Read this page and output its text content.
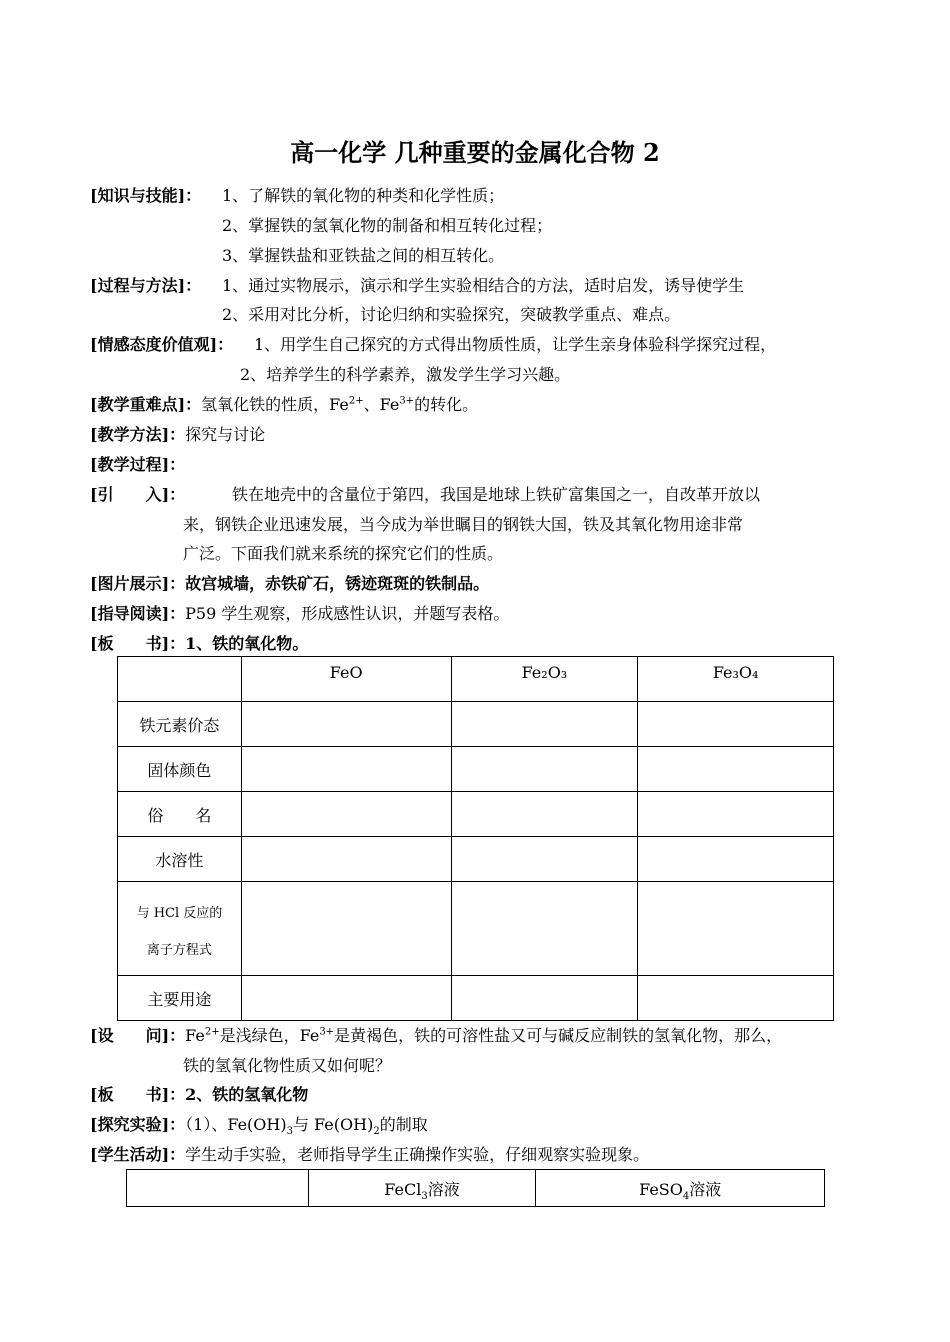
高一化学 几种重要的金属化合物 2
[知识与技能]： 1、了解铁的氧化物的种类和化学性质；
2、掌握铁的氢氧化物的制备和相互转化过程；
3、掌握铁盐和亚铁盐之间的相互转化。
[过程与方法]： 1、通过实物展示，演示和学生实验相结合的方法，适时启发，诱导使学生
2、采用对比分析，讨论归纳和实验探究，突破教学重点、难点。
[情感态度价值观]： 1、用学生自己探究的方式得出物质性质，让学生亲身体验科学探究过程，
2、培养学生的科学素养，激发学生学习兴趣。
[教学重难点]：氢氧化铁的性质，$Fe^{2+}$、$Fe^{3+}$的转化。
[教学方法]：探究与讨论
[教学过程]：
[引　　入]：	铁在地壳中的含量位于第四，我国是地球上铁矿富集国之一，自改革开放以
来，钢铁企业迅速发展，当今成为举世瞩目的钢铁大国，铁及其氧化物用途非常
广泛。下面我们就来系统的探究它们的性质。
[图片展示]：故宫城墙，赤铁矿石，锈迹斑斑的铁制品。
[指导阅读]：P59 学生观察，形成感性认识，并题写表格。
[板　　书]：1、铁的氧化物。
	FeO	Fe₂O₃	Fe₃O₄
铁元素价态			
固体颜色			
俗　　名			
水溶性			

与 HCl 反应的
离子方程式			

主要用途			
[设　　问]：$Fe^{2+}$是浅绿色，$Fe^{3+}$是黄褐色，铁的可溶性盐又可与碱反应制铁的氢氧化物，那么，
铁的氢氧化物性质又如何呢？
[板　　书]：2、铁的氢氧化物
[探究实验]：（1）、$Fe(OH)_3$与 $Fe(OH)_2$的制取
[学生活动]：学生动手实验，老师指导学生正确操作实验，仔细观察实验现象。
	FeCl$_3$溶液	FeSO$_4$溶液
